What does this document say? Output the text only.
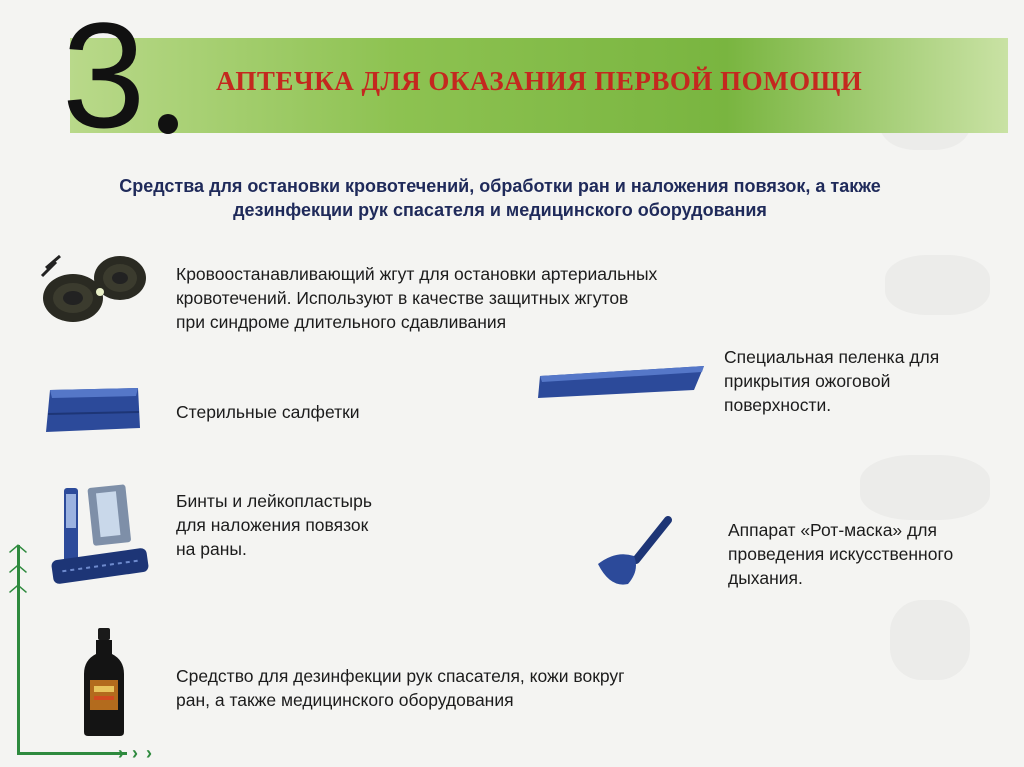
3	АПТЕЧКА ДЛЯ ОКАЗАНИЯ ПЕРВОЙ ПОМОЩИ
Средства для остановки кровотечений, обработки ран и наложения повязок, а также
дезинфекции рук спасателя и медицинского оборудования
Кровоостанавливающий жгут для остановки артериальных
кровотечений. Используют в качестве защитных жгутов
при синдроме длительного сдавливания
Стерильные салфетки
Бинты и лейкопластырь
для наложения повязок
на раны.
Средство для дезинфекции рук спасателя, кожи вокруг
ран, а также медицинского оборудования
Специальная пеленка для
прикрытия ожоговой
поверхности.
Аппарат «Рот-маска» для
проведения искусственного
дыхания.
︿
︿
︿
› › ›
